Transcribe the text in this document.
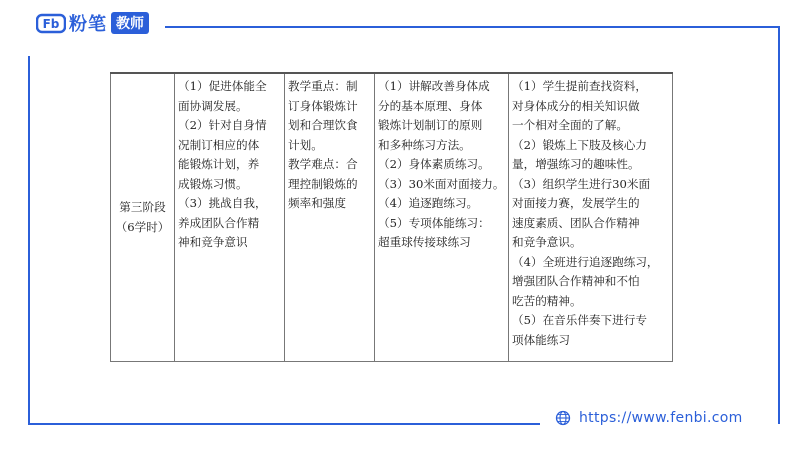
Fb 粉笔 教师
第三阶段
（6学时）

（1）促进体能全
面协调发展。
（2）针对自身情
况制订相应的体
能锻炼计划，养
成锻炼习惯。
（3）挑战自我，
养成团队合作精
神和竞争意识

教学重点：制
订身体锻炼计
划和合理饮食
计划。
教学难点：合
理控制锻炼的
频率和强度

（1）讲解改善身体成
分的基本原理、身体
锻炼计划制订的原则
和多种练习方法。
（2）身体素质练习。
（3）30米面对面接力。
（4）追逐跑练习。
（5）专项体能练习：
超重球传接球练习

（1）学生提前查找资料，
对身体成分的相关知识做
一个相对全面的了解。
（2）锻炼上下肢及核心力
量，增强练习的趣味性。
（3）组织学生进行30米面
对面接力赛，发展学生的
速度素质、团队合作精神
和竞争意识。
（4）全班进行追逐跑练习，
增强团队合作精神和不怕
吃苦的精神。
（5）在音乐伴奏下进行专
项体能练习
https://www.fenbi.com
